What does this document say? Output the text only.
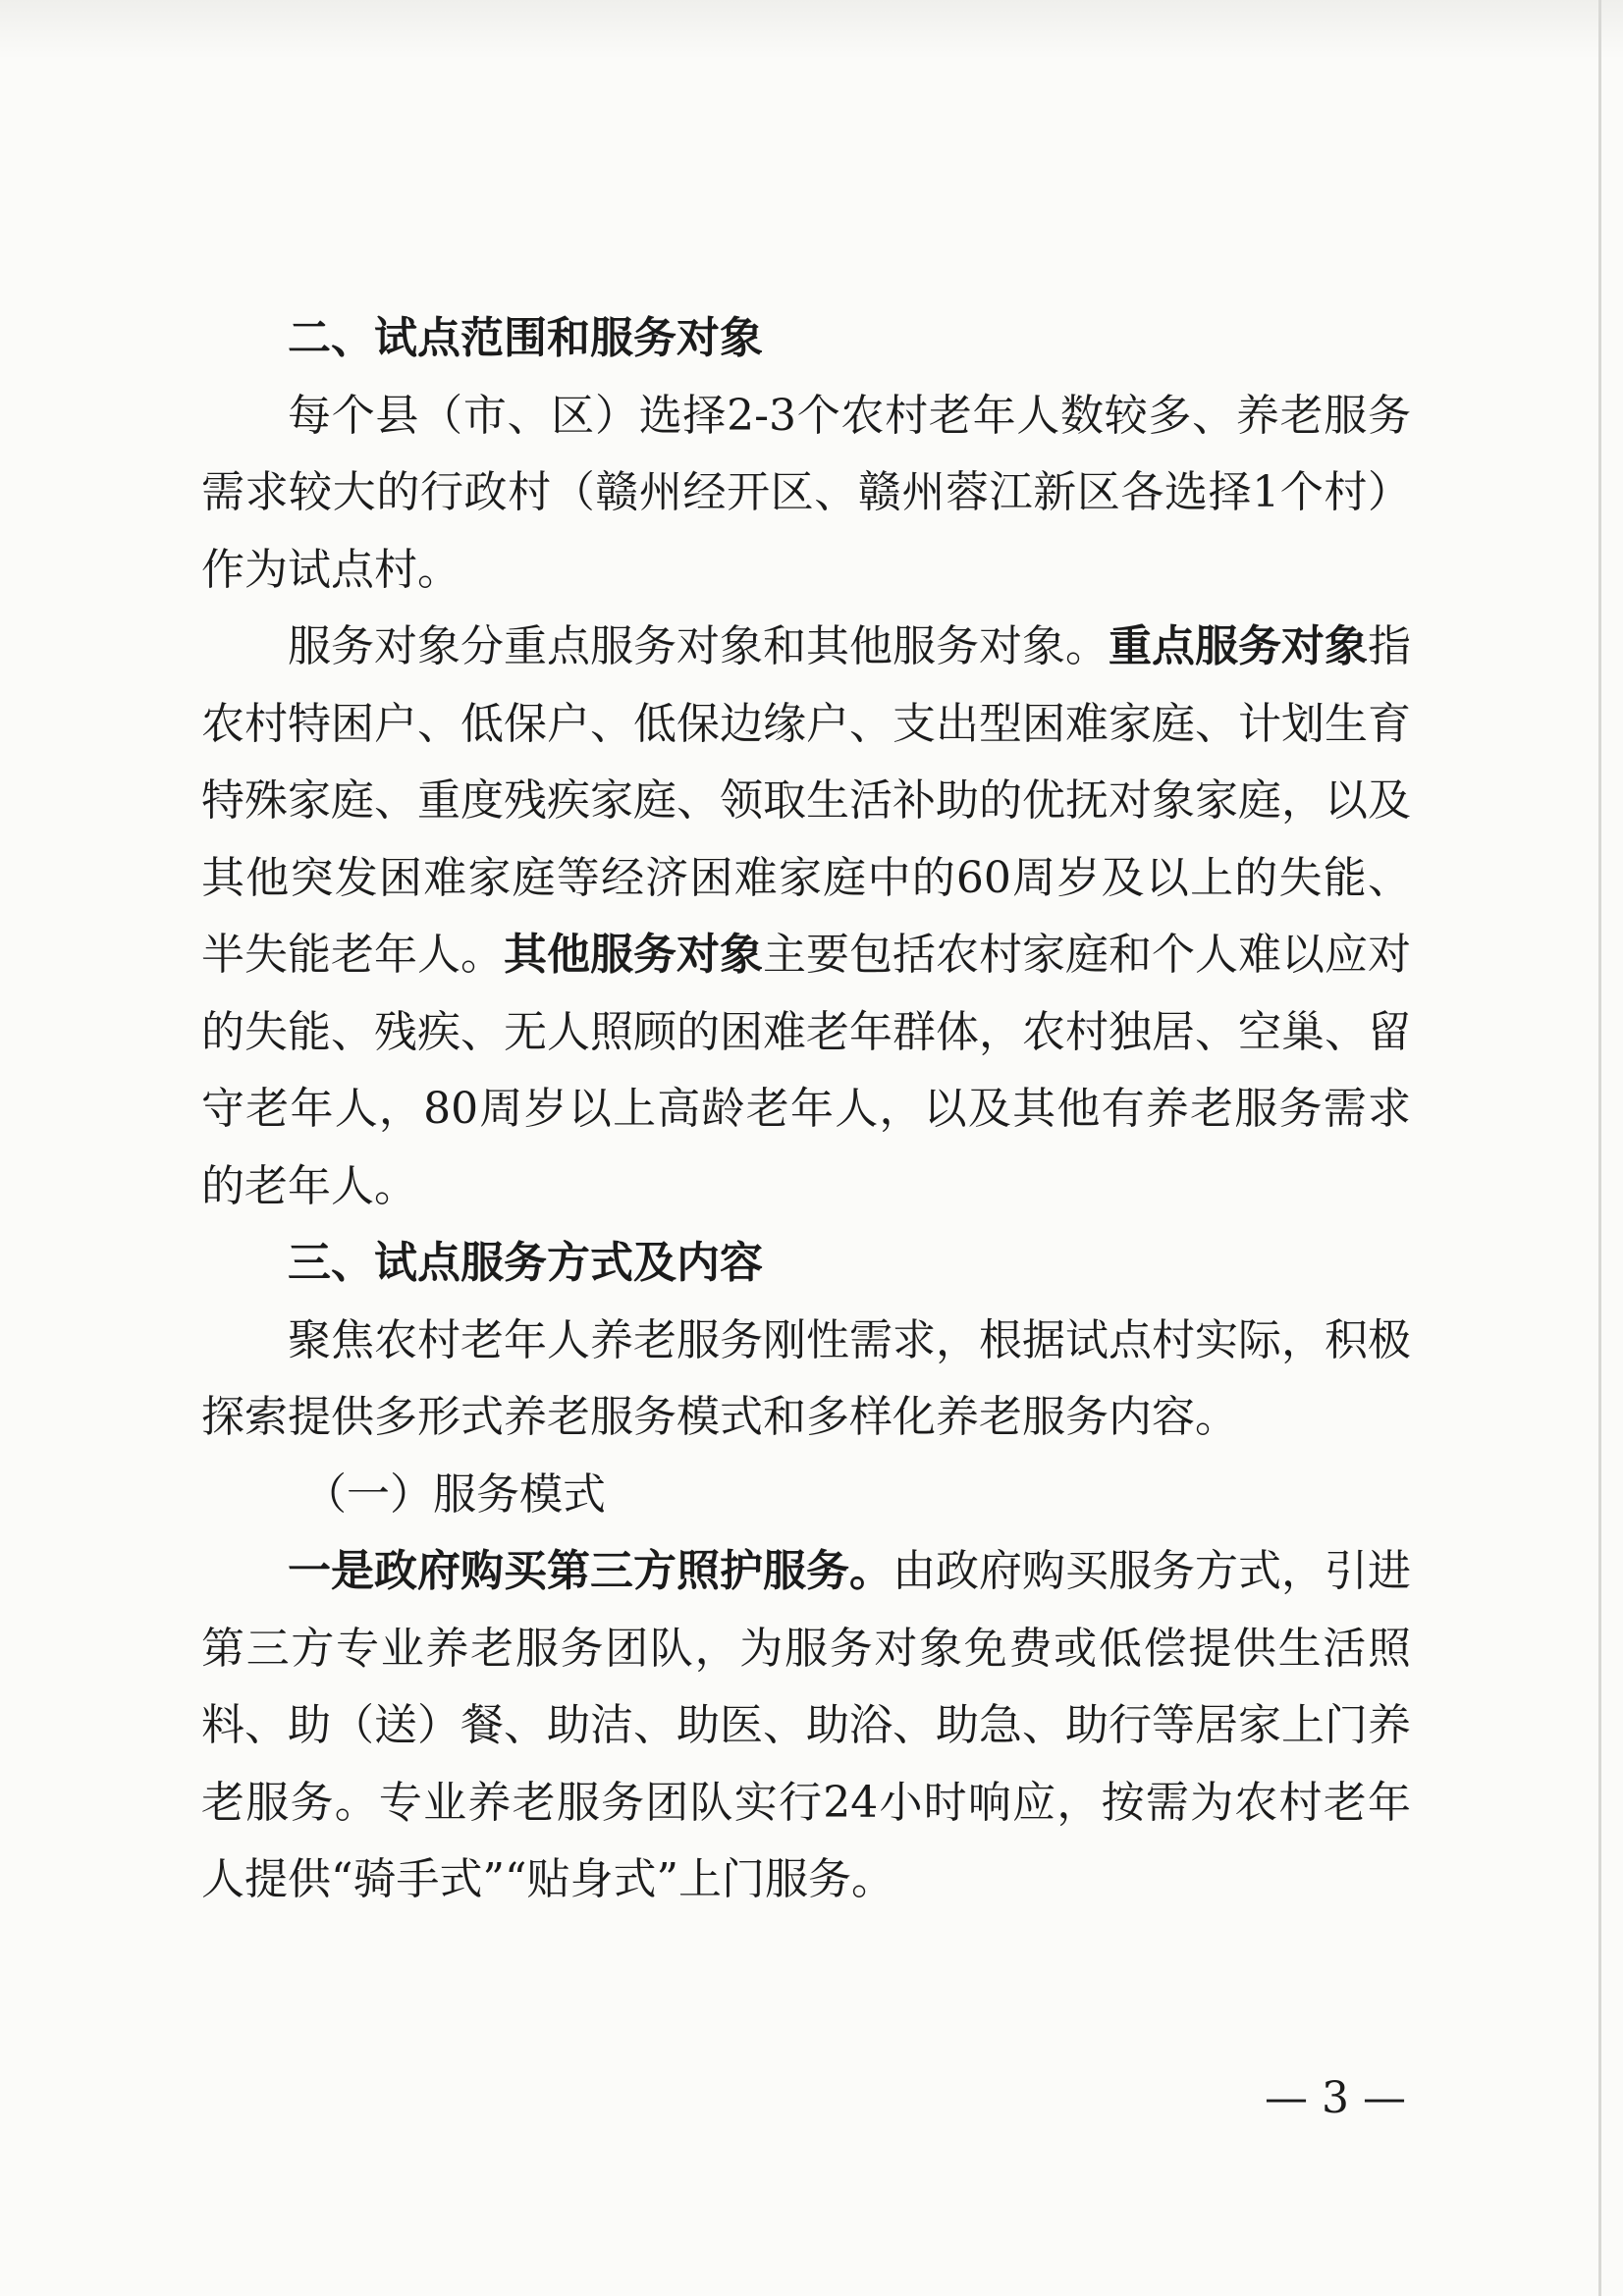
二、试点范围和服务对象

每个县（市、区）选择2-3个农村老年人数较多、养老服务需求较大的行政村（赣州经开区、赣州蓉江新区各选择1个村）作为试点村。

服务对象分重点服务对象和其他服务对象。重点服务对象指农村特困户、低保户、低保边缘户、支出型困难家庭、计划生育特殊家庭、重度残疾家庭、领取生活补助的优抚对象家庭，以及其他突发困难家庭等经济困难家庭中的60周岁及以上的失能、半失能老年人。其他服务对象主要包括农村家庭和个人难以应对的失能、残疾、无人照顾的困难老年群体，农村独居、空巢、留守老年人，80周岁以上高龄老年人，以及其他有养老服务需求的老年人。

三、试点服务方式及内容

聚焦农村老年人养老服务刚性需求，根据试点村实际，积极探索提供多形式养老服务模式和多样化养老服务内容。

（一）服务模式

一是政府购买第三方照护服务。由政府购买服务方式，引进第三方专业养老服务团队，为服务对象免费或低偿提供生活照料、助（送）餐、助洁、助医、助浴、助急、助行等居家上门养老服务。专业养老服务团队实行24小时响应，按需为农村老年人提供“骑手式”“贴身式”上门服务。

— 3 —
